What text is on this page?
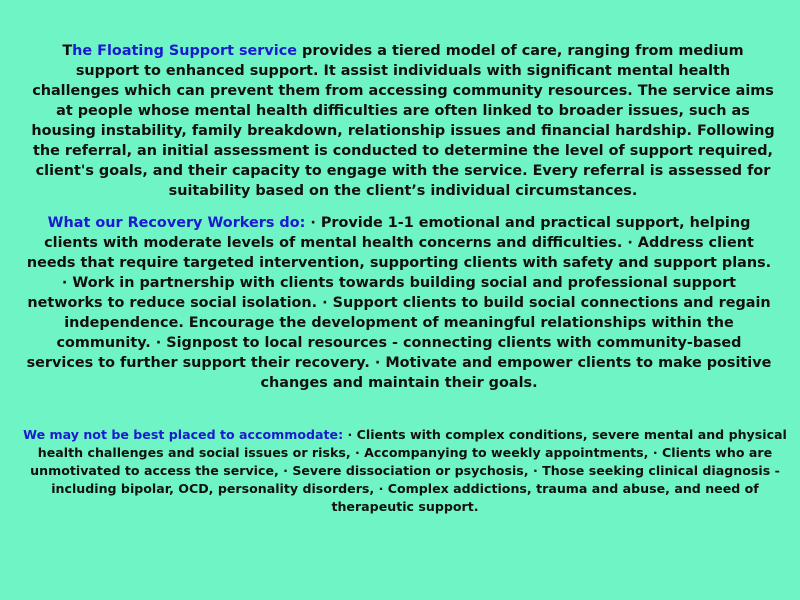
The Floating Support service provides a tiered model of care, ranging from medium support to enhanced support. It assist individuals with significant mental health challenges which can prevent them from accessing community resources. The service aims at people whose mental health difficulties are often linked to broader issues, such as housing instability, family breakdown, relationship issues and financial hardship. Following the referral, an initial assessment is conducted to determine the level of support required, client's goals, and their capacity to engage with the service. Every referral is assessed for suitability based on the client’s individual circumstances.

What our Recovery Workers do: · Provide 1-1 emotional and practical support, helping clients with moderate levels of mental health concerns and difficulties. · Address client needs that require targeted intervention, supporting clients with safety and support plans. · Work in partnership with clients towards building social and professional support networks to reduce social isolation. · Support clients to build social connections and regain independence. Encourage the development of meaningful relationships within the community. · Signpost to local resources - connecting clients with community-based services to further support their recovery. · Motivate and empower clients to make positive changes and maintain their goals.

We may not be best placed to accommodate: · Clients with complex conditions, severe mental and physical health challenges and social issues or risks, · Accompanying to weekly appointments, · Clients who are unmotivated to access the service, · Severe dissociation or psychosis, · Those seeking clinical diagnosis - including bipolar, OCD, personality disorders, · Complex addictions, trauma and abuse, and need of therapeutic support.
